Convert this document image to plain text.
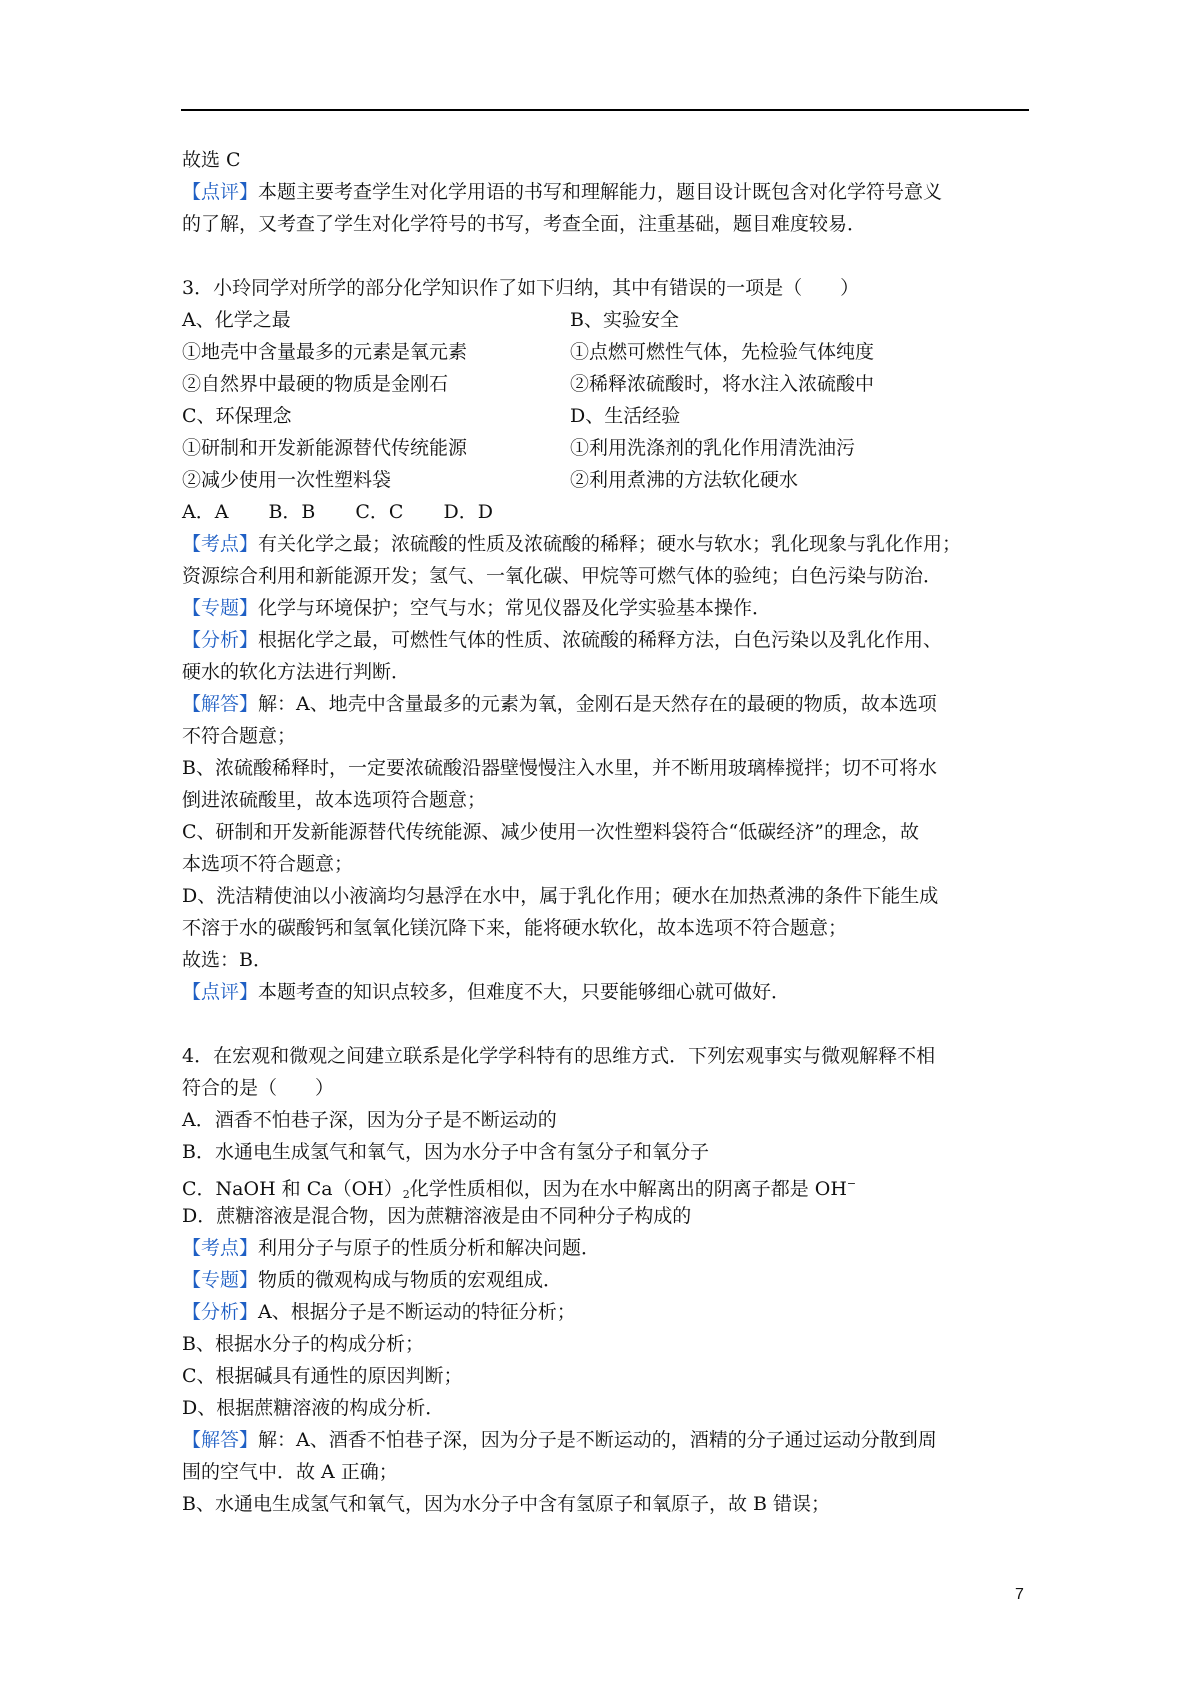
故选 C
【点评】本题主要考查学生对化学用语的书写和理解能力，题目设计既包含对化学符号意义
的了解，又考查了学生对化学符号的书写，考查全面，注重基础，题目难度较易．
3．小玲同学对所学的部分化学知识作了如下归纳，其中有错误的一项是（　　）
A、化学之最	B、实验安全
①地壳中含量最多的元素是氧元素	①点燃可燃性气体，先检验气体纯度
②自然界中最硬的物质是金刚石	②稀释浓硫酸时，将水注入浓硫酸中
C、环保理念	D、生活经验
①研制和开发新能源替代传统能源	①利用洗涤剂的乳化作用清洗油污
②减少使用一次性塑料袋	②利用煮沸的方法软化硬水
A．A B．B C．C D．D
【考点】有关化学之最；浓硫酸的性质及浓硫酸的稀释；硬水与软水；乳化现象与乳化作用；
资源综合利用和新能源开发；氢气、一氧化碳、甲烷等可燃气体的验纯；白色污染与防治．
【专题】化学与环境保护；空气与水；常见仪器及化学实验基本操作．
【分析】根据化学之最，可燃性气体的性质、浓硫酸的稀释方法，白色污染以及乳化作用、
硬水的软化方法进行判断．
【解答】解：A、地壳中含量最多的元素为氧，金刚石是天然存在的最硬的物质，故本选项
不符合题意；
B、浓硫酸稀释时，一定要浓硫酸沿器壁慢慢注入水里，并不断用玻璃棒搅拌；切不可将水
倒进浓硫酸里，故本选项符合题意；
C、研制和开发新能源替代传统能源、减少使用一次性塑料袋符合“低碳经济”的理念，故
本选项不符合题意；
D、洗洁精使油以小液滴均匀悬浮在水中，属于乳化作用；硬水在加热煮沸的条件下能生成
不溶于水的碳酸钙和氢氧化镁沉降下来，能将硬水软化，故本选项不符合题意；
故选：B．
【点评】本题考查的知识点较多，但难度不大，只要能够细心就可做好．
4．在宏观和微观之间建立联系是化学学科特有的思维方式．下列宏观事实与微观解释不相
符合的是（　　）
A．酒香不怕巷子深，因为分子是不断运动的
B．水通电生成氢气和氧气，因为水分子中含有氢分子和氧分子
C．NaOH 和 $Ca(OH)_2$化学性质相似，因为在水中解离出的阴离子都是 OH−
D．蔗糖溶液是混合物，因为蔗糖溶液是由不同种分子构成的
【考点】利用分子与原子的性质分析和解决问题．
【专题】物质的微观构成与物质的宏观组成．
【分析】A、根据分子是不断运动的特征分析；
B、根据水分子的构成分析；
C、根据碱具有通性的原因判断；
D、根据蔗糖溶液的构成分析．
【解答】解：A、酒香不怕巷子深，因为分子是不断运动的，酒精的分子通过运动分散到周
围的空气中．故 A 正确；
B、水通电生成氢气和氧气，因为水分子中含有氢原子和氧原子，故 B 错误；
7
